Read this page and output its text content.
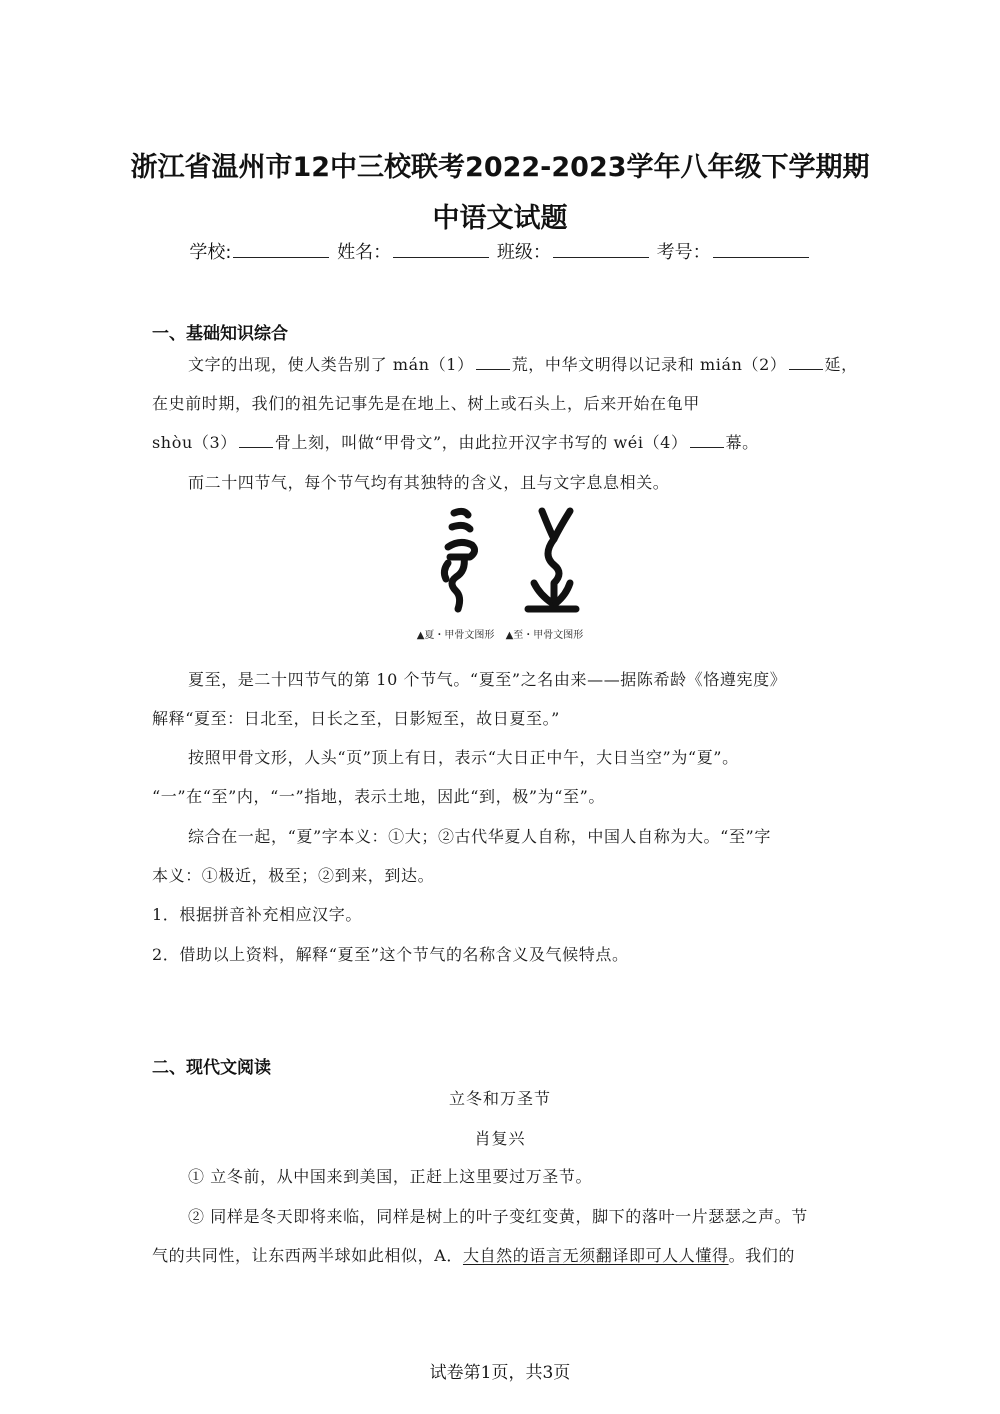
浙江省温州市12中三校联考2022-2023学年八年级下学期期
中语文试题
学校:	姓名：	班级：	考号：
一、基础知识综合
文字的出现，使人类告别了 mán（1） 荒，中华文明得以记录和 mián（2） 延，
在史前时期，我们的祖先记事先是在地上、树上或石头上，后来开始在龟甲
shòu（3） 骨上刻，叫做“甲骨文”，由此拉开汉字书写的 wéi（4） 幕。
而二十四节气，每个节气均有其独特的含义，且与文字息息相关。
▲夏・甲骨文图形 ▲至・甲骨文图形
夏至，是二十四节气的第 10 个节气。“夏至”之名由来——据陈希龄《恪遵宪度》
解释“夏至：日北至，日长之至，日影短至，故日夏至。”
按照甲骨文形，人头“页”顶上有日，表示“大日正中午，大日当空”为“夏”。
“一”在“至”内，“一”指地，表示土地，因此“到，极”为“至”。
综合在一起，“夏”字本义：①大；②古代华夏人自称，中国人自称为大。“至”字
本义：①极近，极至；②到来，到达。
1．根据拼音补充相应汉字。
2．借助以上资料，解释“夏至”这个节气的名称含义及气候特点。
二、现代文阅读
立冬和万圣节
肖复兴
① 立冬前，从中国来到美国，正赶上这里要过万圣节。
② 同样是冬天即将来临，同样是树上的叶子变红变黄，脚下的落叶一片瑟瑟之声。节
气的共同性，让东西两半球如此相似，A．大自然的语言无须翻译即可人人懂得。我们的
试卷第1页，共3页
